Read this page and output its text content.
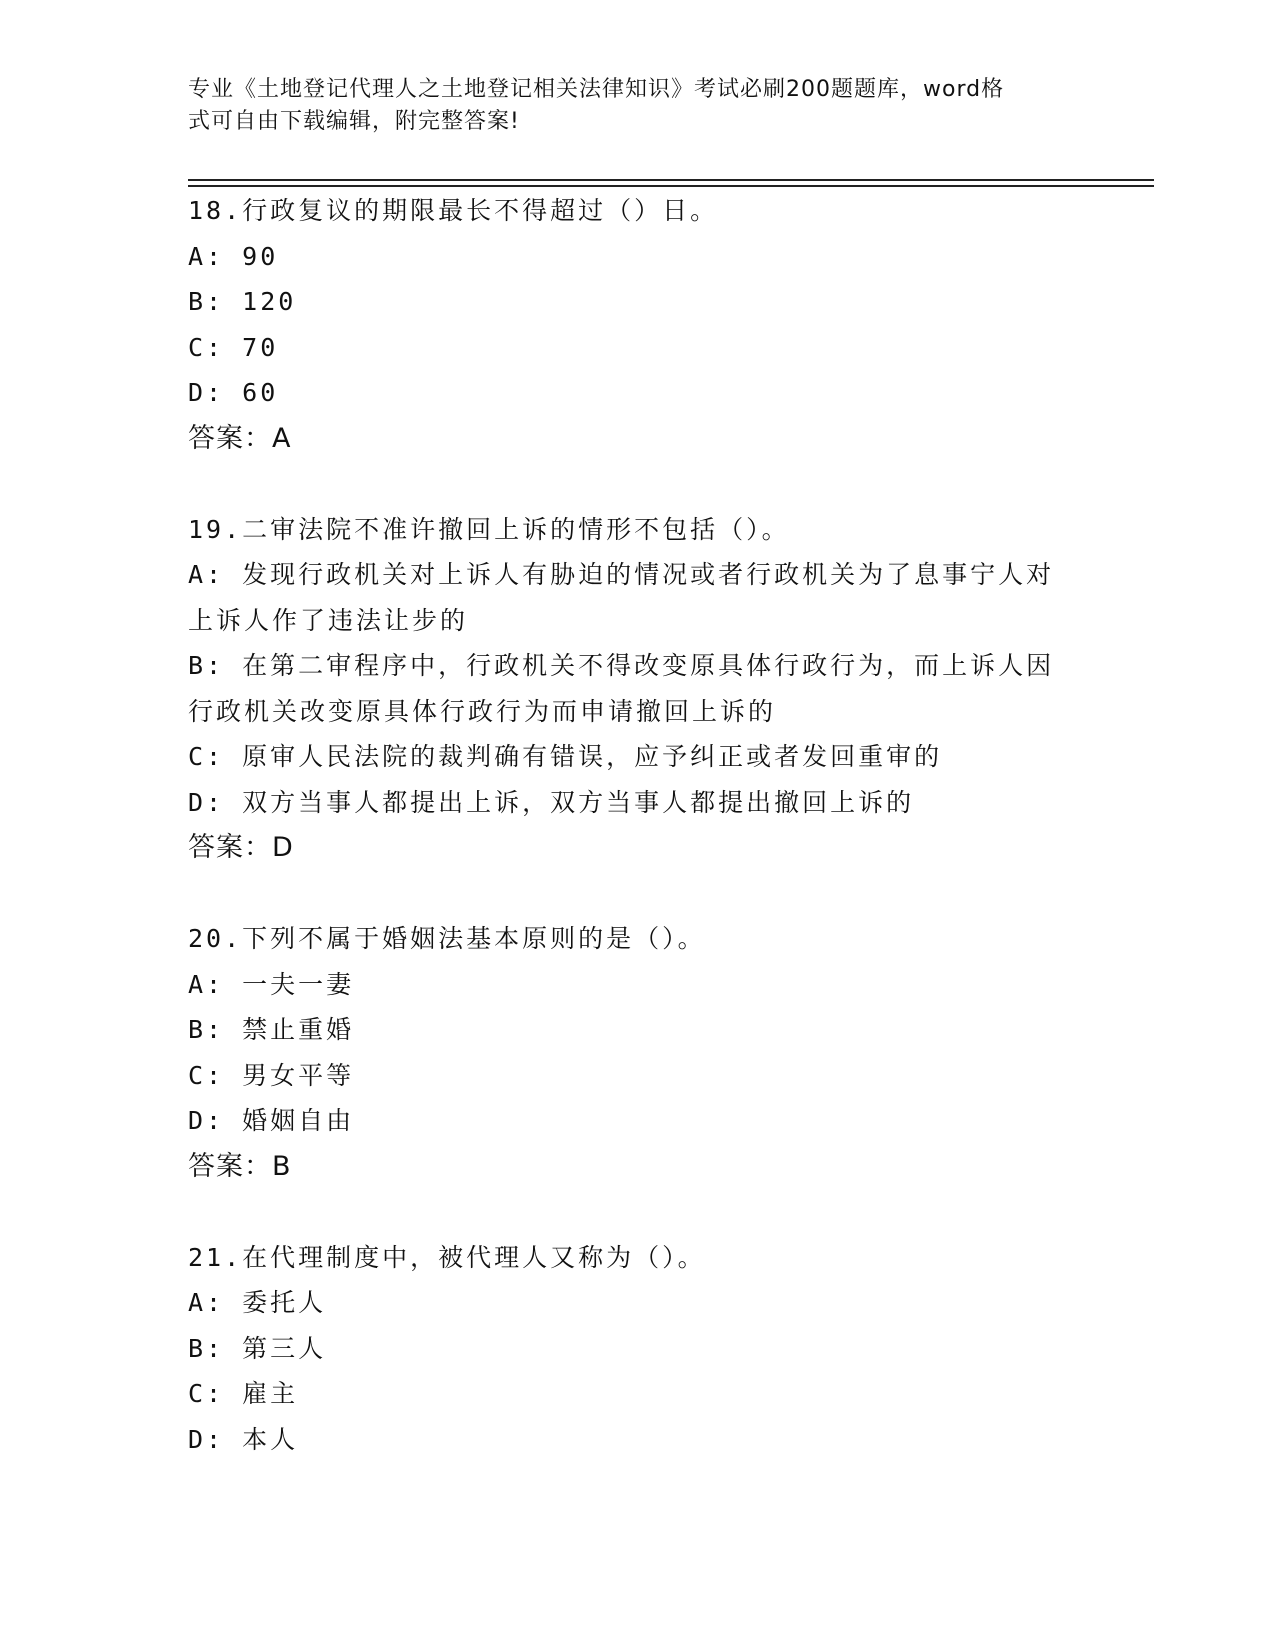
专业《土地登记代理人之土地登记相关法律知识》考试必刷200题题库，word格
式可自由下载编辑，附完整答案!
18.行政复议的期限最长不得超过（）日。
A: 90
B: 120
C: 70
D: 60
答案：A
19.二审法院不准许撤回上诉的情形不包括（）。
A: 发现行政机关对上诉人有胁迫的情况或者行政机关为了息事宁人对上诉人作了违法让步的
B: 在第二审程序中，行政机关不得改变原具体行政行为，而上诉人因行政机关改变原具体行政行为而申请撤回上诉的
C: 原审人民法院的裁判确有错误，应予纠正或者发回重审的
D: 双方当事人都提出上诉，双方当事人都提出撤回上诉的
答案：D
20.下列不属于婚姻法基本原则的是（）。
A: 一夫一妻
B: 禁止重婚
C: 男女平等
D: 婚姻自由
答案：B
21.在代理制度中，被代理人又称为（）。
A: 委托人
B: 第三人
C: 雇主
D: 本人
